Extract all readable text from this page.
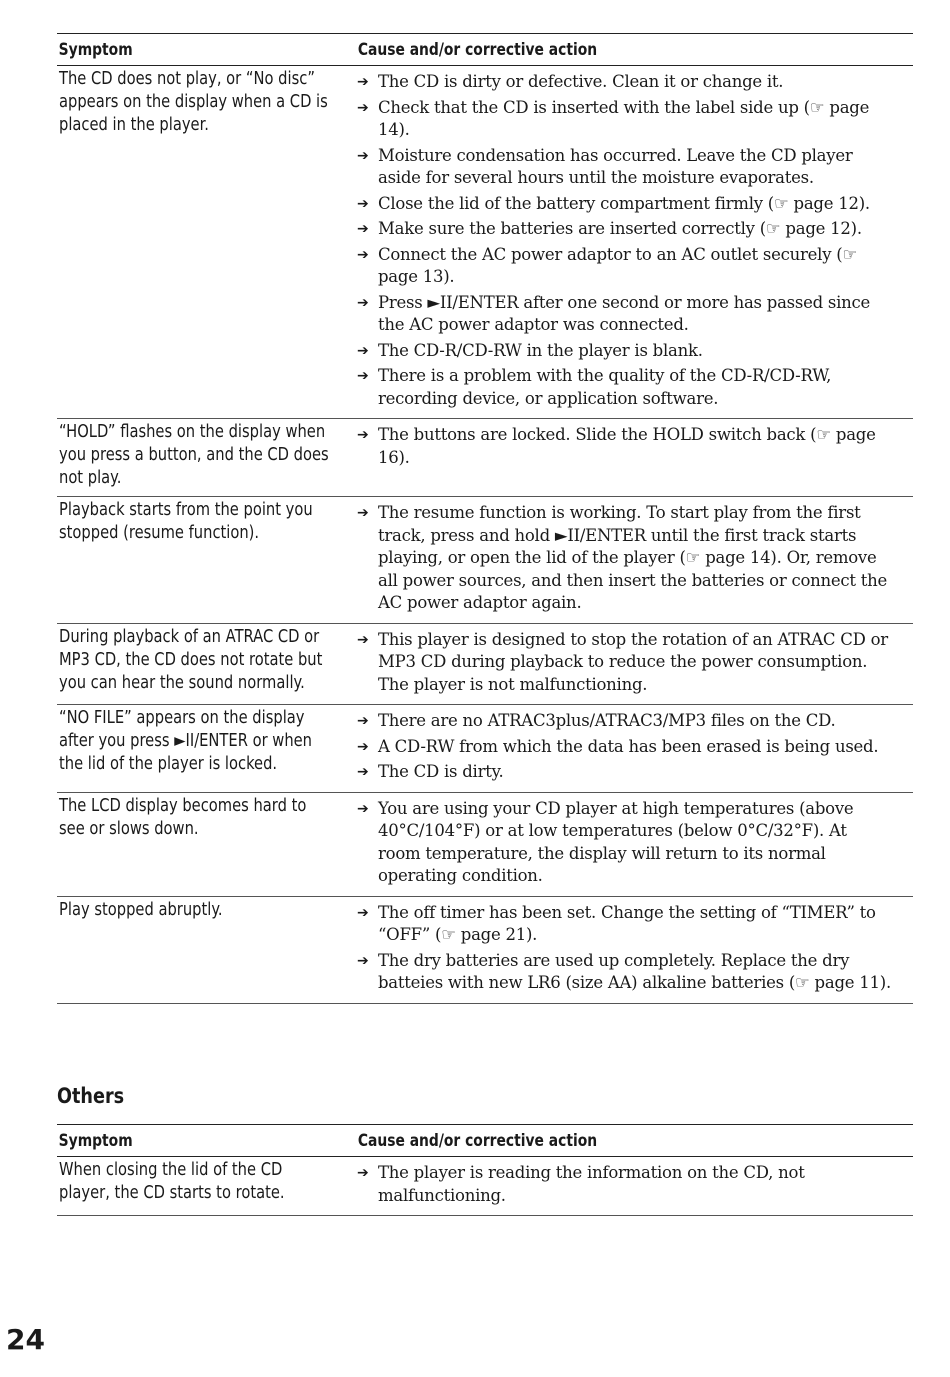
Symptom	Cause and/or corrective action
The CD does not play, or “No disc” appears on the display when a CD is placed in the player.
➔ The CD is dirty or defective. Clean it or change it.
➔ Check that the CD is inserted with the label side up (☞ page 14).
➔ Moisture condensation has occurred. Leave the CD player aside for several hours until the moisture evaporates.
➔ Close the lid of the battery compartment firmly (☞ page 12).
➔ Make sure the batteries are inserted correctly (☞ page 12).
➔ Connect the AC power adaptor to an AC outlet securely (☞ page 13).
➔ Press ►II/ENTER after one second or more has passed since the AC power adaptor was connected.
➔ The CD-R/CD-RW in the player is blank.
➔ There is a problem with the quality of the CD-R/CD-RW, recording device, or application software.
“HOLD” flashes on the display when you press a button, and the CD does not play.
➔ The buttons are locked. Slide the HOLD switch back (☞ page 16).
Playback starts from the point you stopped (resume function).
➔ The resume function is working. To start play from the first track, press and hold ►II/ENTER until the first track starts playing, or open the lid of the player (☞ page 14). Or, remove all power sources, and then insert the batteries or connect the AC power adaptor again.
During playback of an ATRAC CD or MP3 CD, the CD does not rotate but you can hear the sound normally.
➔ This player is designed to stop the rotation of an ATRAC CD or MP3 CD during playback to reduce the power consumption. The player is not malfunctioning.
“NO FILE” appears on the display after you press ►II/ENTER or when the lid of the player is locked.
➔ There are no ATRAC3plus/ATRAC3/MP3 files on the CD.
➔ A CD-RW from which the data has been erased is being used.
➔ The CD is dirty.
The LCD display becomes hard to see or slows down.
➔ You are using your CD player at high temperatures (above 40°C/104°F) or at low temperatures (below 0°C/32°F). At room temperature, the display will return to its normal operating condition.
Play stopped abruptly.
➔	The off timer has been set. Change the setting of “TIMER” to “OFF” (☞ page 21).
➔ The dry batteries are used up completely. Replace the dry batteies with new LR6 (size AA) alkaline batteries (☞ page 11).
Others
Symptom	Cause and/or corrective action
When closing the lid of the CD player, the CD starts to rotate.
➔ The player is reading the information on the CD, not malfunctioning.
24
